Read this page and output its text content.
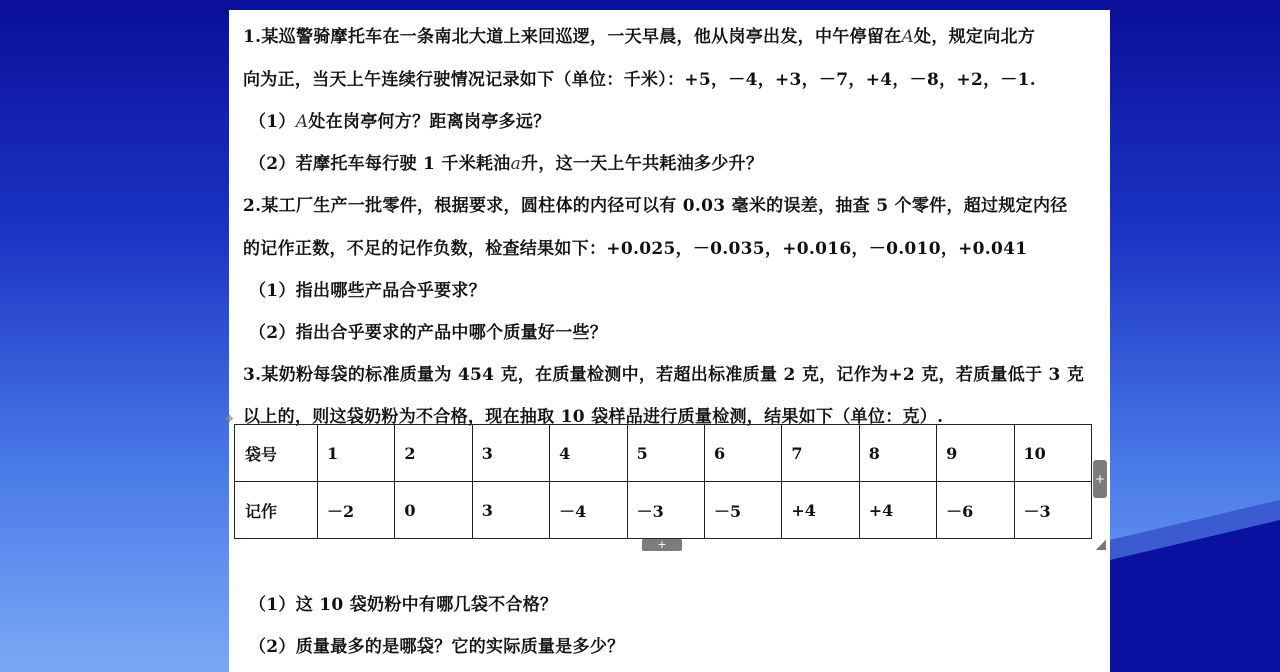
1.某巡警骑摩托车在一条南北大道上来回巡逻，一天早晨，他从岗亭出发，中午停留在A处，规定向北方
向为正，当天上午连续行驶情况记录如下（单位：千米）：+5，－4，+3，－7，+4，－8，+2，－1.
（1）A处在岗亭何方？距离岗亭多远？
（2）若摩托车每行驶 1 千米耗油a升，这一天上午共耗油多少升？
2.某工厂生产一批零件，根据要求，圆柱体的内径可以有 0.03 毫米的误差，抽查 5 个零件，超过规定内径
的记作正数，不足的记作负数，检查结果如下：+0.025，－0.035，+0.016，－0.010，+0.041
（1）指出哪些产品合乎要求？
（2）指出合乎要求的产品中哪个质量好一些？
3.某奶粉每袋的标准质量为 454 克，在质量检测中，若超出标准质量 2 克，记作为+2 克，若质量低于 3 克
以上的，则这袋奶粉为不合格，现在抽取 10 袋样品进行质量检测，结果如下（单位：克）.
✥
袋号	1	2	3	4	5	6	7	8	9	10
记作	－2	0	3	－4	－3	－5	+4	+4	－6	－3
+
+
（1）这 10 袋奶粉中有哪几袋不合格？
（2）质量最多的是哪袋？它的实际质量是多少？
